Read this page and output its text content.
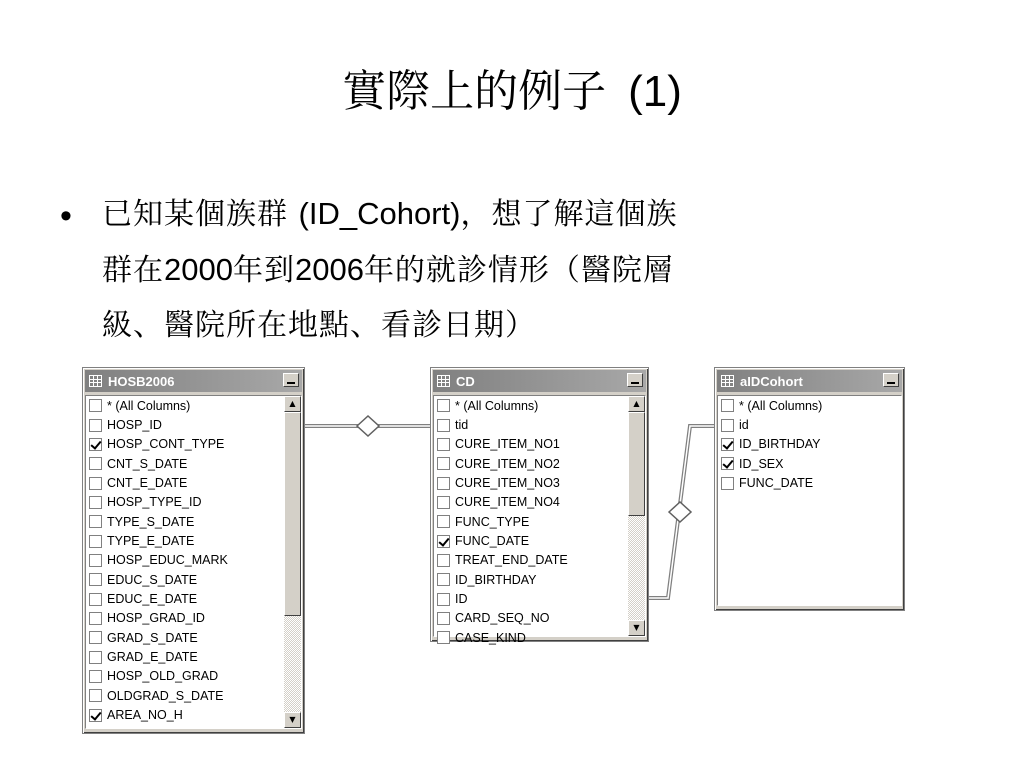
實際上的例子 (1)
• 已知某個族群 (ID_Cohort)，想了解這個族
群在2000年到2006年的就診情形（醫院層
級、醫院所在地點、看診日期）
HOSB2006
* (All Columns)
HOSP_ID
HOSP_CONT_TYPE
CNT_S_DATE
CNT_E_DATE
HOSP_TYPE_ID
TYPE_S_DATE
TYPE_E_DATE
HOSP_EDUC_MARK
EDUC_S_DATE
EDUC_E_DATE
HOSP_GRAD_ID
GRAD_S_DATE
GRAD_E_DATE
HOSP_OLD_GRAD
OLDGRAD_S_DATE
AREA_NO_H
▲
▼
CD
* (All Columns)
tid
CURE_ITEM_NO1
CURE_ITEM_NO2
CURE_ITEM_NO3
CURE_ITEM_NO4
FUNC_TYPE
FUNC_DATE
TREAT_END_DATE
ID_BIRTHDAY
ID
CARD_SEQ_NO
CASE_KIND
▲
▼
aIDCohort
* (All Columns)
id
ID_BIRTHDAY
ID_SEX
FUNC_DATE
